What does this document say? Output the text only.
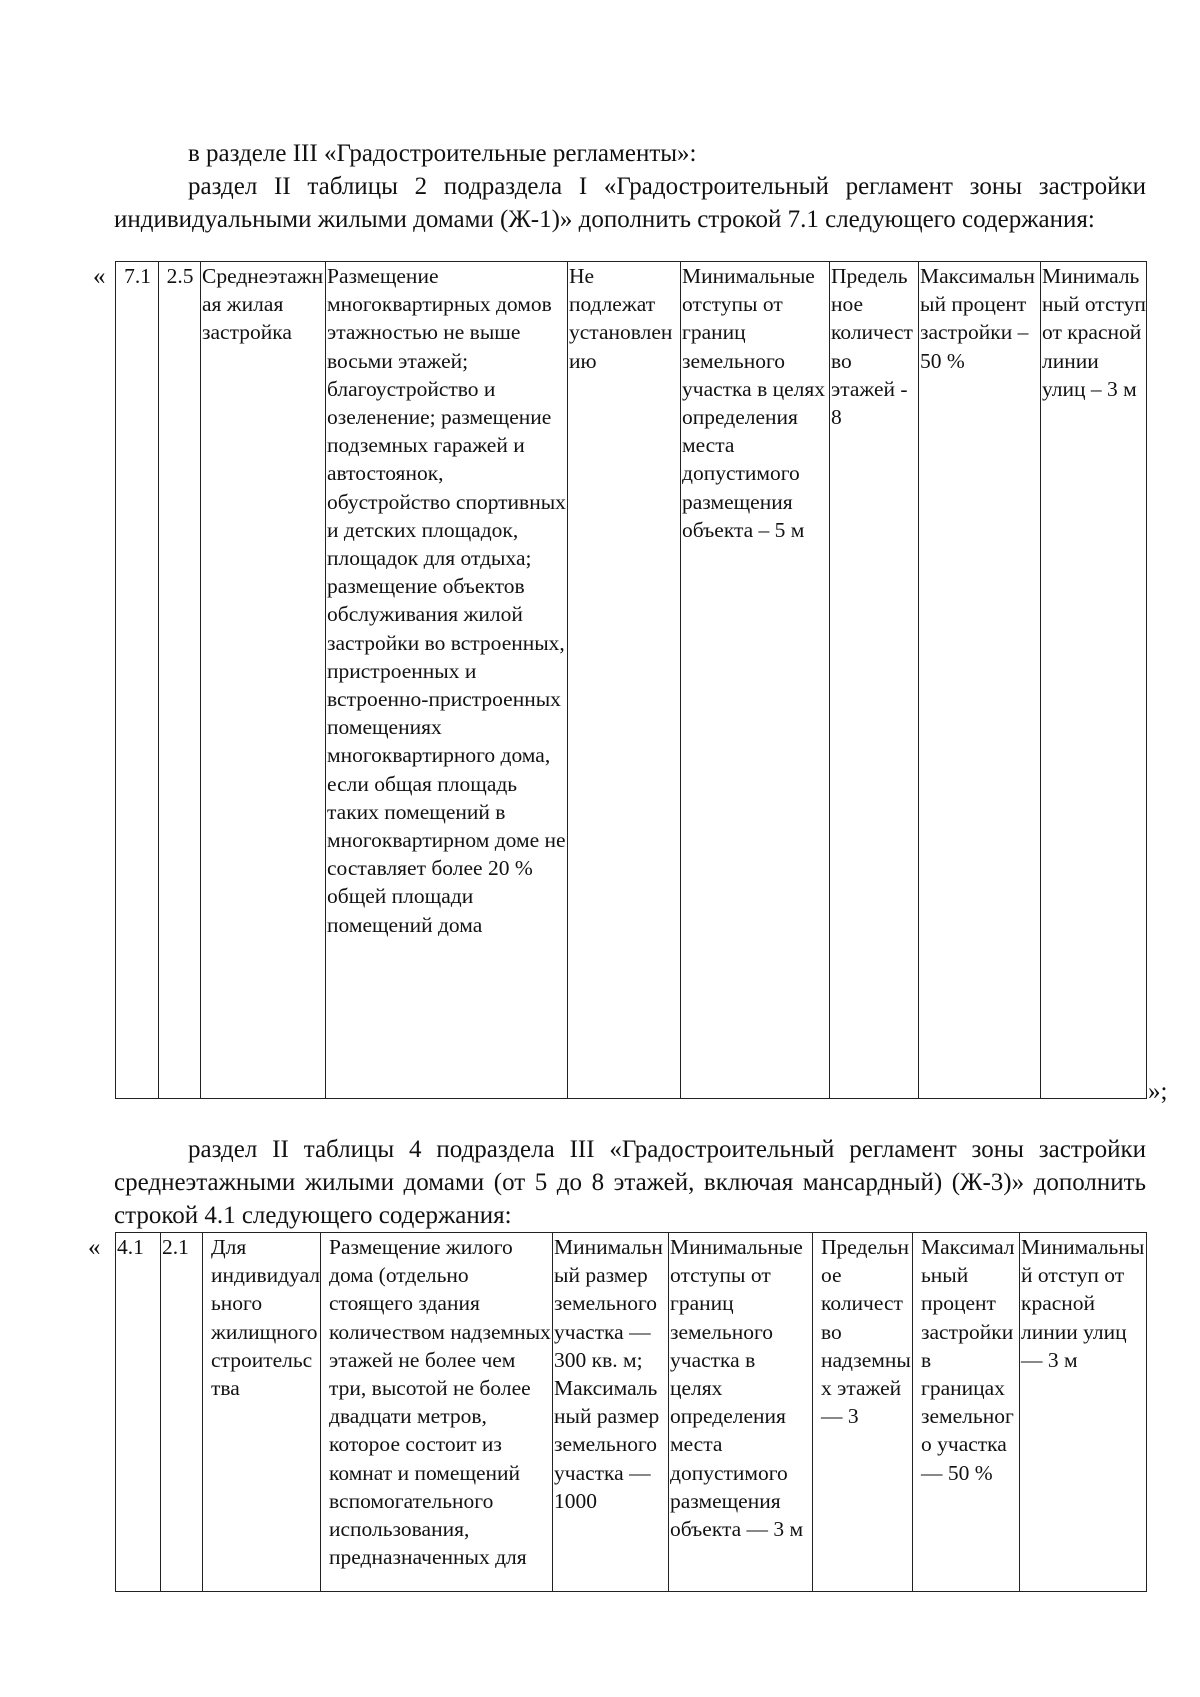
в разделе III «Градостроительные регламенты»:
раздел II таблицы 2 подраздела I «Градостроительный регламент зоны застройки индивидуальными жилыми домами (Ж-1)» дополнить строкой 7.1 следующего содержания:

« 7.1	2.5	Среднеэтажная жилая застройка	Размещение многоквартирных домов этажностью не выше восьми этажей; благоустройство и озеленение; размещение подземных гаражей и автостоянок, обустройство спортивных и детских площадок, площадок для отдыха; размещение объектов обслуживания жилой застройки во встроенных, пристроенных и встроенно-пристроенных помещениях многоквартирного дома, если общая площадь таких помещений в многоквартирном доме не составляет более 20 % общей площади помещений дома	Не подлежат установлению	Минимальные отступы от границ земельного участка в целях определения места допустимого размещения объекта – 5 м	Предельное количество этажей - 8	Максимальный процент застройки – 50 %	Минимальный отступ от красной линии улиц – 3 м
»;

раздел II таблицы 4 подраздела III «Градостроительный регламент зоны застройки среднеэтажными жилыми домами (от 5 до 8 этажей, включая мансардный) (Ж-3)» дополнить строкой 4.1 следующего содержания:

« 4.1	2.1	Для индивидуального жилищного строительства	Размещение жилого дома (отдельно стоящего здания количеством надземных этажей не более чем три, высотой не более двадцати метров, которое состоит из комнат и помещений вспомогательного использования, предназначенных для	Минимальный размер земельного участка — 300 кв. м; Максимальный размер земельного участка — 1000	Минимальные отступы от границ земельного участка в целях определения места допустимого размещения объекта — 3 м	Предельное количество надземных этажей — 3	Максимальный процент застройки в границах земельного участка — 50 %	Минимальный отступ от красной линии улиц — 3 м
